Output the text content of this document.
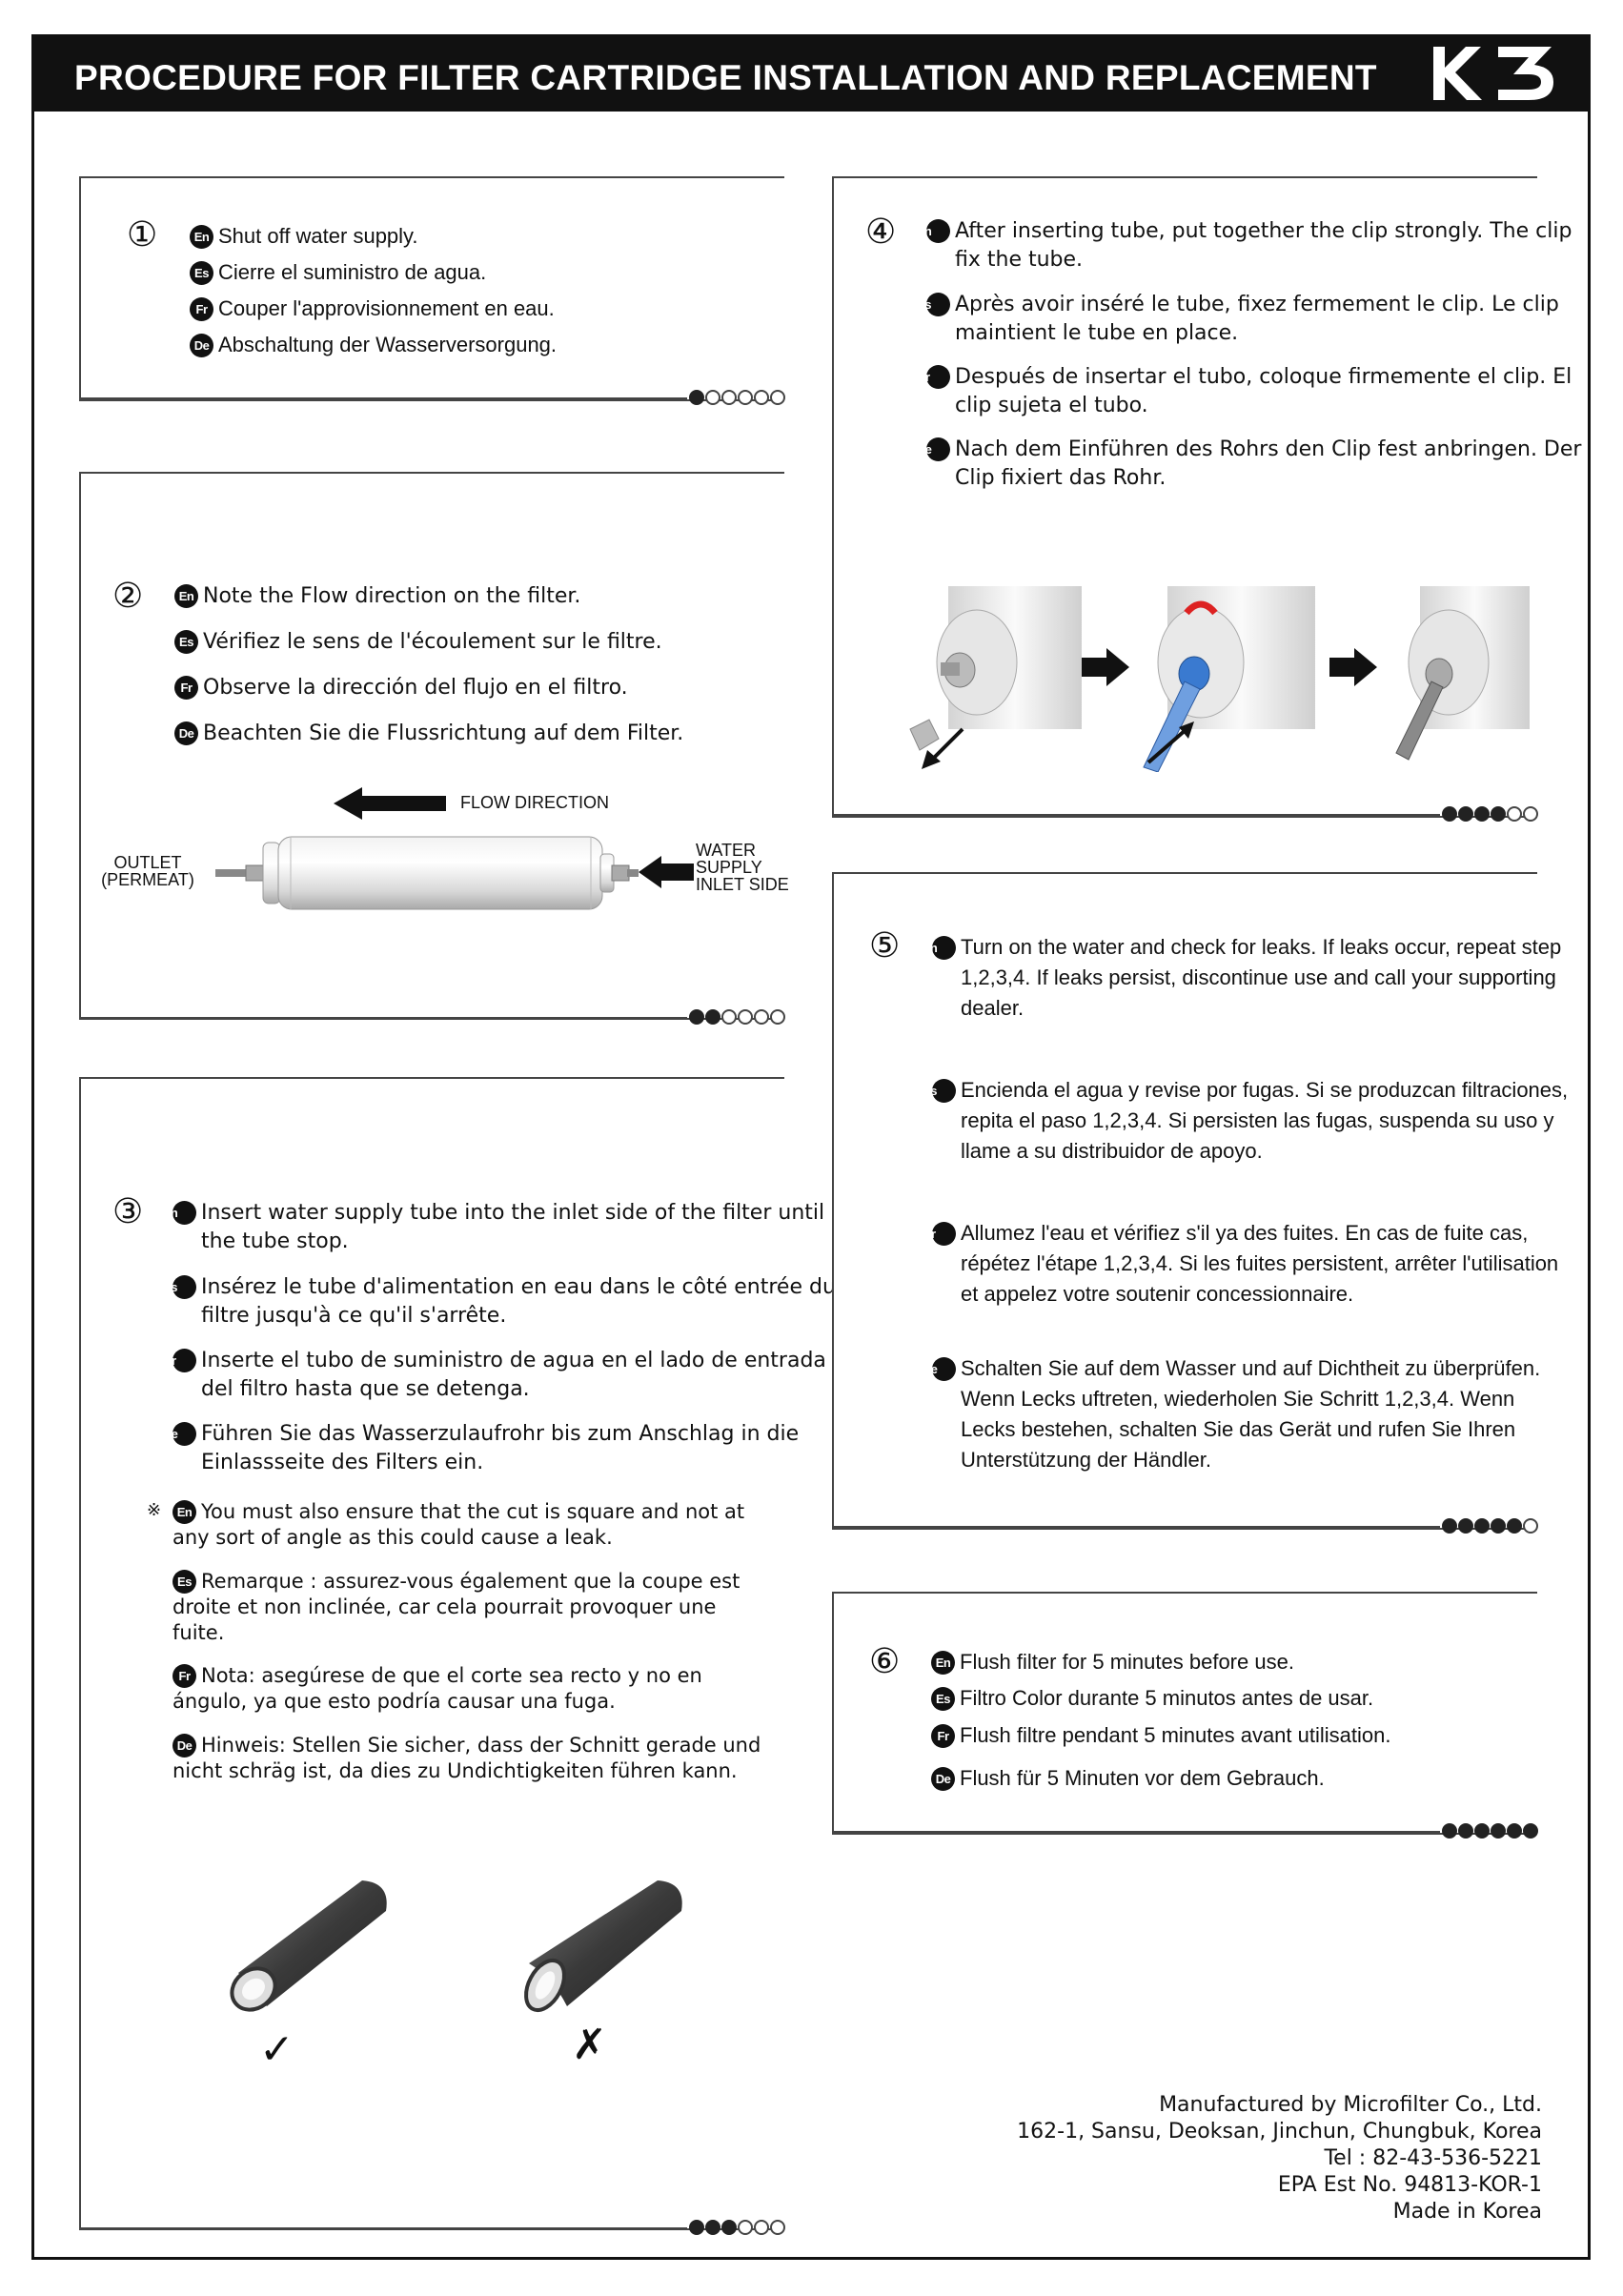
PROCEDURE FOR FILTER CARTRIDGE INSTALLATION AND REPLACEMENT
①	En Shut off water supply.
Es Cierre el suministro de agua.
Fr Couper l'approvisionnement en eau.
De Abschaltung der Wasserversorgung.
②	En Note the Flow direction on the filter.
Es Vérifiez le sens de l'écoulement sur le filtre.
Fr Observe la dirección del flujo en el filtro.
De Beachten Sie die Flussrichtung auf dem Filter.
FLOW DIRECTION
OUTLET
(PERMEAT)
WATER
SUPPLY
INLET SIDE
③ En Insert water supply tube into the inlet side of the filter until the tube stop.
Es Insérez le tube d'alimentation en eau dans le côté entrée du filtre jusqu'à ce qu'il s'arrête.
Fr Inserte el tubo de suministro de agua en el lado de entrada del filtro hasta que se detenga.
De Führen Sie das Wasserzulaufrohr bis zum Anschlag in die Einlassseite des Filters ein.
※	En You must also ensure that the cut is square and not at any sort of angle as this could cause a leak.
Es Remarque : assurez-vous également que la coupe est droite et non inclinée, car cela pourrait provoquer une fuite.
Fr Nota: asegúrese de que el corte sea recto y no en ángulo, ya que esto podría causar una fuga.
De Hinweis: Stellen Sie sicher, dass der Schnitt gerade und nicht schräg ist, da dies zu Undichtigkeiten führen kann.
✓	✗
④ En After inserting tube, put together the clip strongly. The clip fix the tube.
Es Après avoir inséré le tube, fixez fermement le clip. Le clip maintient le tube en place.
Fr Después de insertar el tubo, coloque firmemente el clip. El clip sujeta el tubo.
De Nach dem Einführen des Rohrs den Clip fest anbringen. Der Clip fixiert das Rohr.
⑤ En Turn on the water and check for leaks. If leaks occur, repeat step 1,2,3,4. If leaks persist, discontinue use and call your supporting dealer.
Es Encienda el agua y revise por fugas. Si se produzcan filtraciones, repita el paso 1,2,3,4. Si persisten las fugas, suspenda su uso y llame a su distribuidor de apoyo.
Fr Allumez l'eau et vérifiez s'il ya des fuites. En cas de fuite cas, répétez l'étape 1,2,3,4. Si les fuites persistent, arrêter l'utilisation et appelez votre soutenir concessionnaire.
De Schalten Sie auf dem Wasser und auf Dichtheit zu überprüfen. Wenn Lecks uftreten, wiederholen Sie Schritt 1,2,3,4. Wenn Lecks bestehen, schalten Sie das Gerät und rufen Sie Ihren Unterstützung der Händler.
⑥	En Flush filter for 5 minutes before use.
Es Filtro Color durante 5 minutos antes de usar.
Fr Flush filtre pendant 5 minutes avant utilisation.
De Flush für 5 Minuten vor dem Gebrauch.
Manufactured by Microfilter Co., Ltd.
162-1, Sansu, Deoksan, Jinchun, Chungbuk, Korea
Tel : 82-43-536-5221
EPA Est No. 94813-KOR-1
Made in Korea
